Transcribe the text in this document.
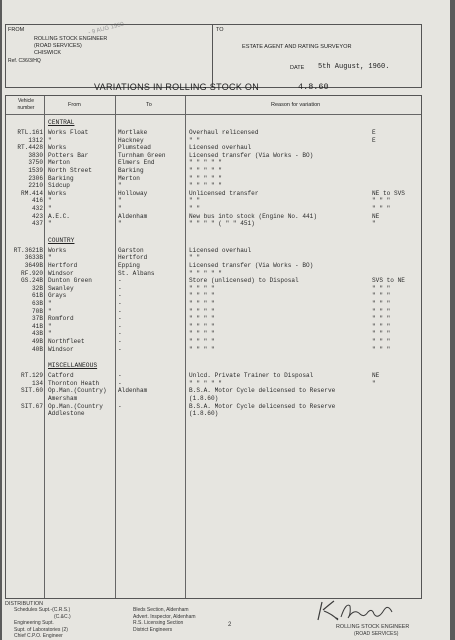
- 9 AUG 1960
FROM	TO
ROLLING STOCK ENGINEER
(ROAD SERVICES)
CHISWICK
Ref. C36/3/HQ
ESTATE AGENT AND RATING SURVEYOR
DATE 5th August, 1960.
VARIATIONS IN ROLLING STOCK ON	4.8.60
Vehicle
number	From	To	Reason for variation
CENTRAL
RTL.161 Works Float	Mortlake	Overhaul relicensed	E
1312 "	Hackney	" "	E
RT.4428 Works	Plumstead	Licensed overhaul
3830 Potters Bar	Turnham Green	Licensed transfer (Via Works - BO)
3750 Merton	Elmers End	" " " " "
1539 North Street	Barking	" " " " "
2306 Barking	Merton	" " " " "
2210 Sidcup	"	" " " " "
RM.414 Works	Holloway	Unlicensed transfer	NE to SVS
416 "	"	" "	" " "
432 "	"	" "	" " "
423 A.E.C.	Aldenham	New bus into stock (Engine No. 441)	NE
437 "	"	" " " " ( " " 451)	"
COUNTRY
RT.3621B Works	Garston	Licensed overhaul
3633B "	Hertford	" "
3649B Hertford	Epping	Licensed transfer (Via Works - BO)
RF.920 Windsor	St. Albans	" " " " "
GS.24B Dunton Green	-	Store (unlicensed) to Disposal	SVS to NE
32B Swanley	-	" " " "	" " "
61B Grays	-	" " " "	" " "
63B "	-	" " " "	" " "
70B "	-	" " " "	" " "
37B Romford	-	" " " "	" " "
41B "	-	" " " "	" " "
43B "	-	" " " "	" " "
49B Northfleet	-	" " " "	" " "
40B Windsor	-	" " " "	" " "
MISCELLANEOUS
RT.129 Catford	-	Unlcd. Private Trainer to Disposal	NE
134 Thornton Heath	-	" " " " "	"
SIT.60 Op.Man.(Country) Aldenham	B.S.A. Motor Cycle delicensed to Reserve
Amersham	(1.8.60)
SIT.67 Op.Man.(Country -	B.S.A. Motor Cycle delicensed to Reserve
Addlestone	(1.8.60)
DISTRIBUTION
Schedules Supt.-(C.R.S.)
(C.&C.)
Engineering Supt.
Supt. of Laboratories (2)
Chief C.P.O. Engineer
Bleds Section, Aldenham
Advert. Inspector, Aldenham
R.S. Licensing Section
District Engineers
2
K. Shave
ROLLING STOCK ENGINEER
(ROAD SERVICES)
